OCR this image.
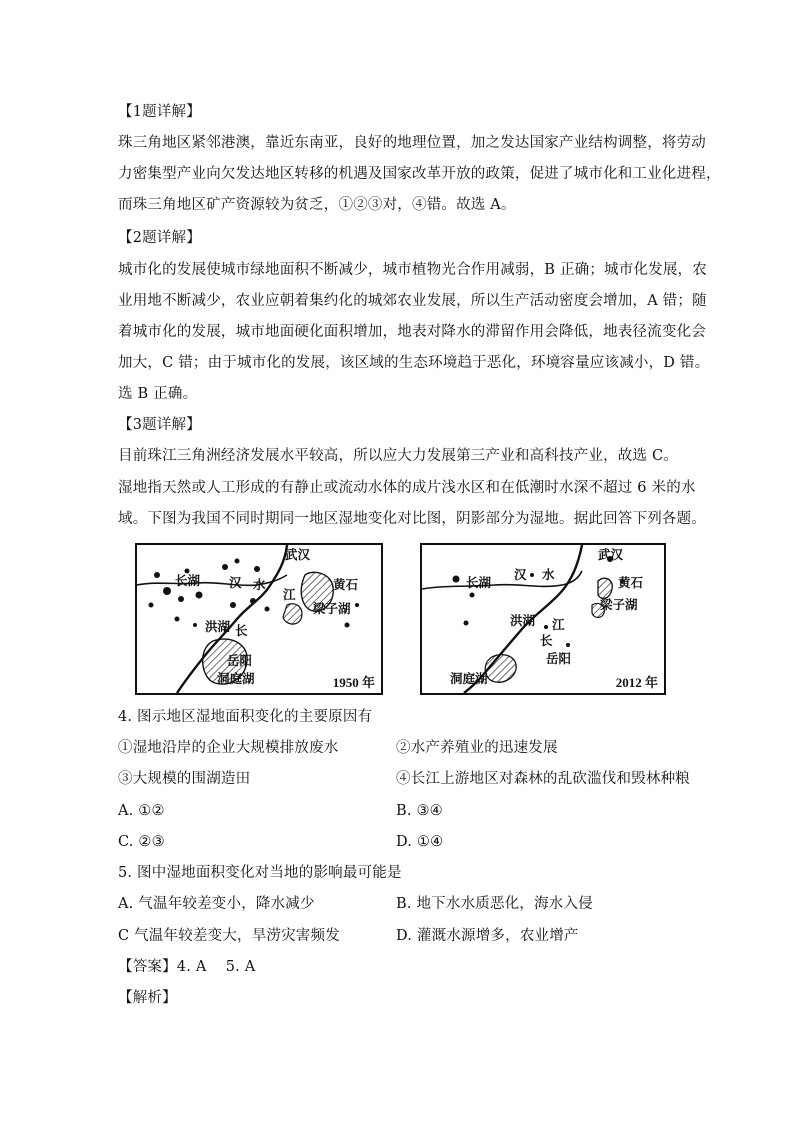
【1题详解】
珠三角地区紧邻港澳，靠近东南亚，良好的地理位置，加之发达国家产业结构调整，将劳动
力密集型产业向欠发达地区转移的机遇及国家改革开放的政策，促进了城市化和工业化进程，
而珠三角地区矿产资源较为贫乏，①②③对，④错。故选 A。
【2题详解】
城市化的发展使城市绿地面积不断减少，城市植物光合作用减弱，B 正确；城市化发展，农
业用地不断减少，农业应朝着集约化的城郊农业发展，所以生产活动密度会增加，A 错；随
着城市化的发展，城市地面硬化面积增加，地表对降水的滞留作用会降低，地表径流变化会
加大，C 错；由于城市化的发展，该区域的生态环境趋于恶化，环境容量应该减小，D 错。
选 B 正确。
【3题详解】
目前珠江三角洲经济发展水平较高，所以应大力发展第三产业和高科技产业，故选 C。
湿地指天然或人工形成的有静止或流动水体的成片浅水区和在低潮时水深不超过 6 米的水
域。下图为我国不同时期同一地区湿地变化对比图，阴影部分为湿地。据此回答下列各题。
武汉
长湖 汉 水
江
黄石
梁子湖
洪湖 长
岳阳
洞庭湖	1950 年
武汉
长湖
汉 水
黄石
梁子湖
洪湖 江
长
岳阳
洞庭湖	2012 年
4. 图示地区湿地面积变化的主要原因有
①湿地沿岸的企业大规模排放废水	②水产养殖业的迅速发展
③大规模的围湖造田	④长江上游地区对森林的乱砍滥伐和毁林种粮
A. ①②	B. ③④
C. ②③	D. ①④
5. 图中湿地面积变化对当地的影响最可能是
A. 气温年较差变小，降水减少	B. 地下水水质恶化，海水入侵
C 气温年较差变大，旱涝灾害频发	D. 灌溉水源增多，农业增产
【答案】4. A    5. A
【解析】
